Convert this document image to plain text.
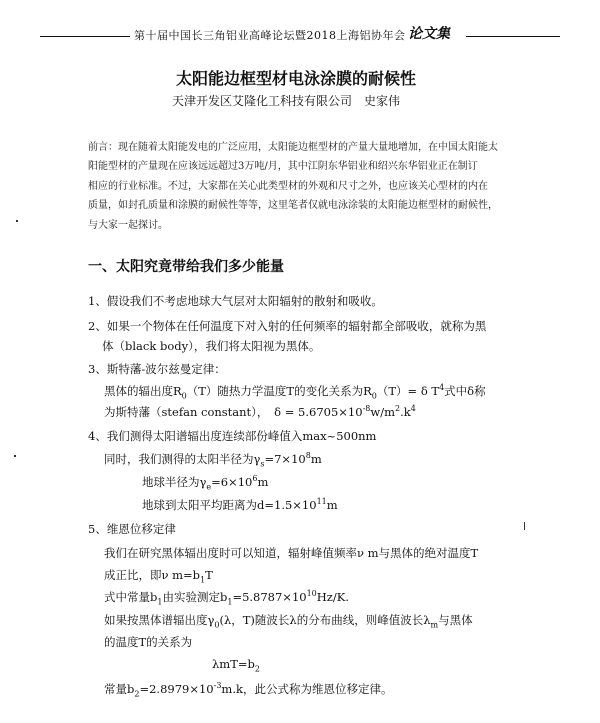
第十届中国长三角铝业高峰论坛暨2018上海铝协年会 论文集
太阳能边框型材电泳涂膜的耐候性
天津开发区艾隆化工科技有限公司　史家伟
前言：现在随着太阳能发电的广泛应用，太阳能边框型材的产量大量地增加，在中国太阳能太
阳能型材的产量现在应该远远超过3万吨/月，其中江阴东华铝业和绍兴东华铝业正在制订
相应的行业标准。不过，大家都在关心此类型材的外观和尺寸之外，也应该关心型材的内在
质量，如封孔质量和涂膜的耐候性等等，这里笔者仅就电泳涂装的太阳能边框型材的耐候性，
与大家一起探讨。
一、太阳究竟带给我们多少能量
1、假设我们不考虑地球大气层对太阳辐射的散射和吸收。
2、如果一个物体在任何温度下对入射的任何频率的辐射都全部吸收，就称为黑
体（black body），我们将太阳视为黑体。
3、斯特藩-波尔兹曼定律：
黑体的辐出度$R_0(T)$随热力学温度T的变化关系为$R_0(T)= \delta$ $T^4$式中δ称
为斯特藩（stefan constant），　$\delta = 5.6705\times 10^{-8}w/m^2.k^4$
4、我们测得太阳谱辐出度连续部份峰值入max~500nm
同时，我们测得的太阳半径为$\gamma_s=7\times 10^8m$
地球半径为$\gamma_e=6\times 10^6m$
地球到太阳平均距离为$d=1.5\times 10^{11}m$
5、维恩位移定律
我们在研究黑体辐出度时可以知道，辐射峰值频率ν m与黑体的绝对温度T
成正比，即ν $m=b_1T$
式中常量$b_1$由实验测定$b_1=5.8787\times 10^{10}Hz/K$.
如果按黑体谱辐出度$\gamma_0(\lambda$，T)随波长λ的分布曲线，则峰值波长$\lambda_m$与黑体
的温度T的关系为
$\lambda mT=b_2$
常量$b_2=2.8979\times 10^{-3}m.k$，此公式称为维恩位移定律。
